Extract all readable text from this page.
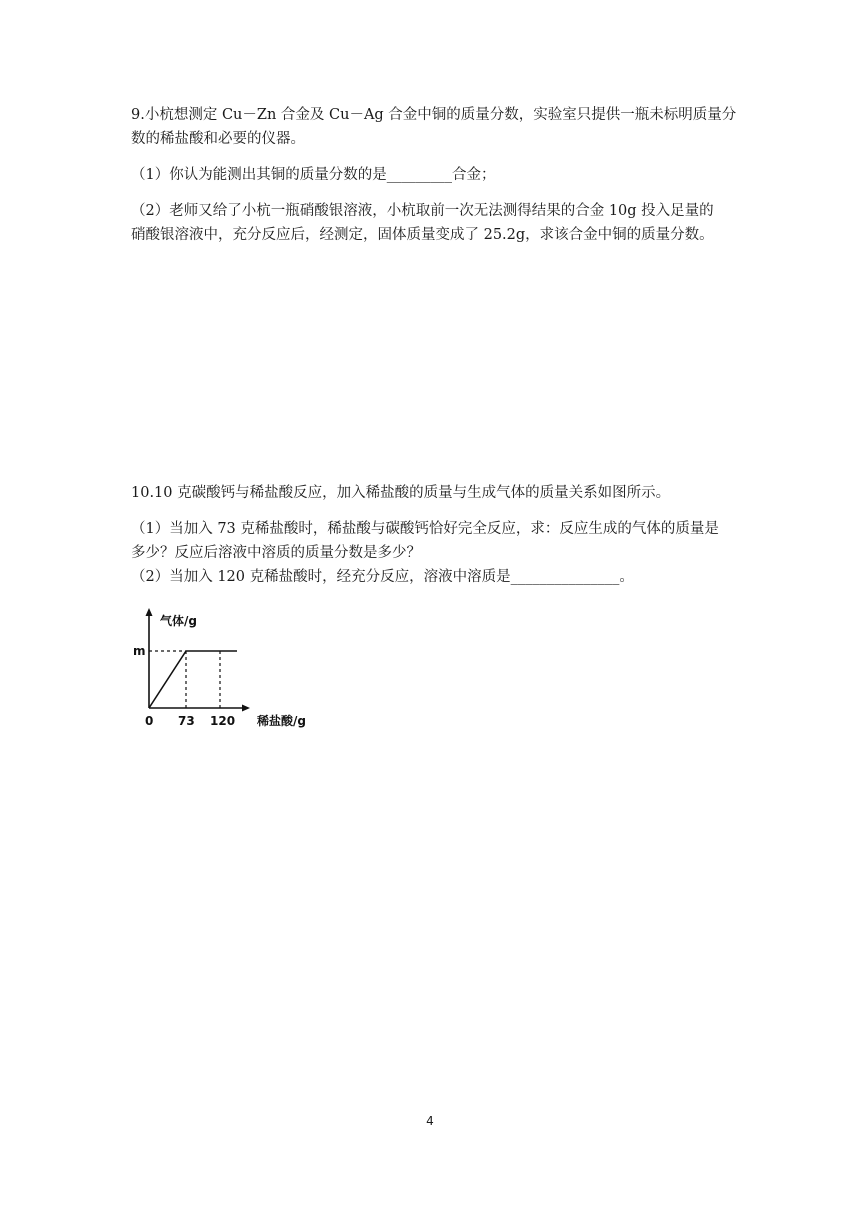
9.小杭想测定 Cu－Zn 合金及 Cu－Ag 合金中铜的质量分数，实验室只提供一瓶未标明质量分
数的稀盐酸和必要的仪器。
（1）你认为能测出其铜的质量分数的是_________合金；
（2）老师又给了小杭一瓶硝酸银溶液，小杭取前一次无法测得结果的合金 10g 投入足量的
硝酸银溶液中，充分反应后，经测定，固体质量变成了 25.2g，求该合金中铜的质量分数。
10.10 克碳酸钙与稀盐酸反应，加入稀盐酸的质量与生成气体的质量关系如图所示。
（1）当加入 73 克稀盐酸时，稀盐酸与碳酸钙恰好完全反应，求：反应生成的气体的质量是
多少？反应后溶液中溶质的质量分数是多少？
（2）当加入 120 克稀盐酸时，经充分反应，溶液中溶质是_______________。
气体/g
m
0 73 120 稀盐酸/g
4
